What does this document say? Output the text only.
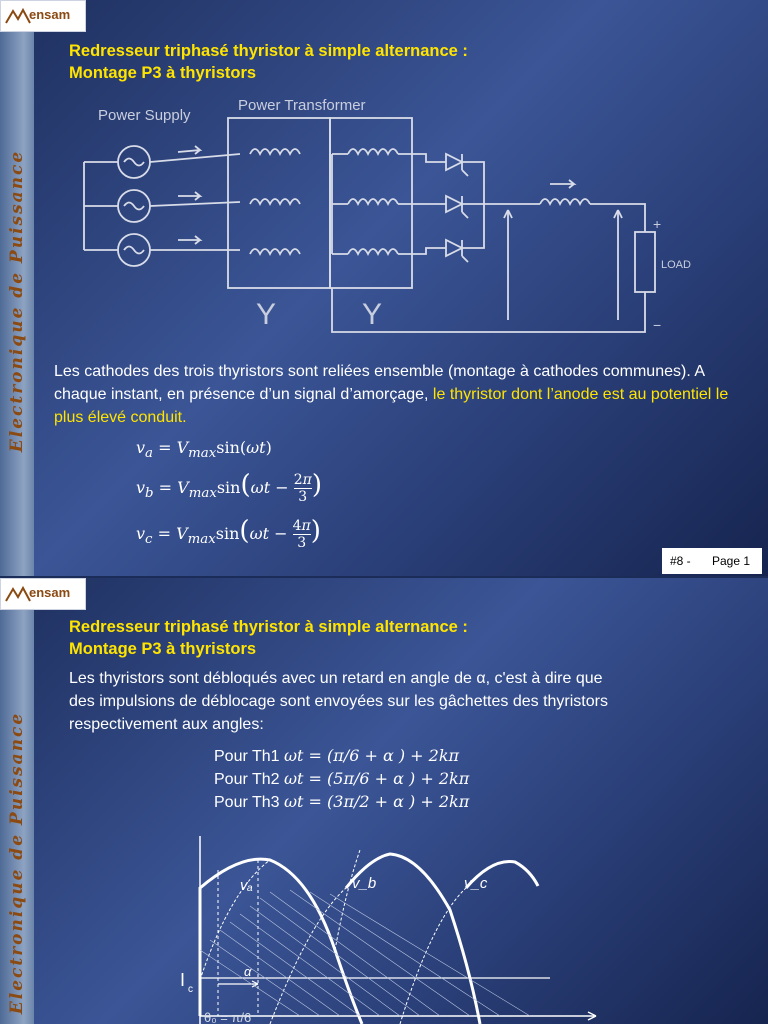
Electronique de Puissance
ensam
Redresseur triphasé thyristor à simple alternance :
Montage P3 à thyristors
Power Supply
Power Transformer
Y	Y
LOAD
+
−
Les cathodes des trois thyristors sont reliées ensemble (montage à cathodes communes). A chaque instant, en présence d’un signal d’amorçage, le thyristor dont l’anode est au potentiel le plus élevé conduit.
$v_a = V_{max}\sin(\omega t)$
$v_b = V_{max}\sin(\omega t - \frac{2\pi}{3}$ )
$v_c = V_{max}\sin(\omega t - \frac{4\pi}{3}$ )
#8 - Page 1
Electronique de Puissance
ensam
Redresseur triphasé thyristor à simple alternance :
Montage P3 à thyristors
Les thyristors sont débloqués avec un retard en angle de α, c'est à dire que
des impulsions de déblocage sont envoyées sur les gâchettes des thyristors
respectivement aux angles:
Pour Th1 ωt = (π/6 + α ) + 2kπ
Pour Th2 ωt = (5π/6 + α ) + 2kπ
Pour Th3 ωt = (3π/2 + α ) + 2kπ
vₐ	v_b	v_c
α
I c
θ₀ = π/6
